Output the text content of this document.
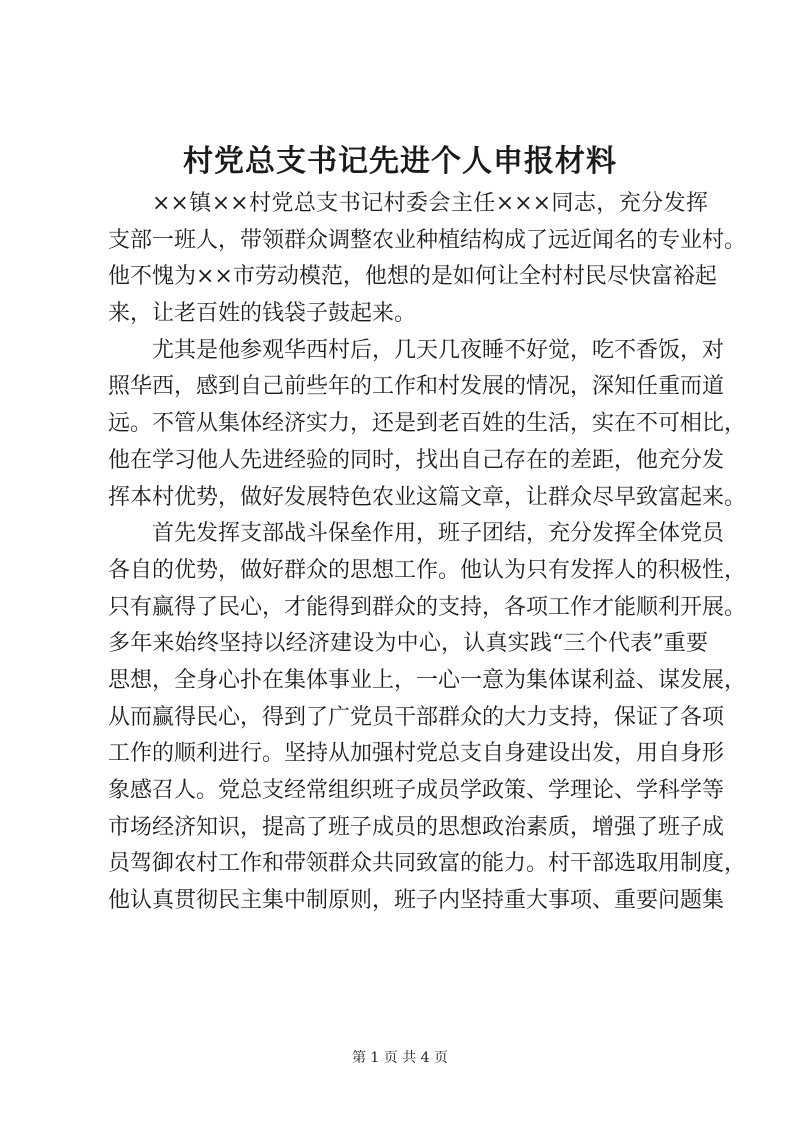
村党总支书记先进个人申报材料
××镇××村党总支书记村委会主任×××同志，充分发挥
支部一班人，带领群众调整农业种植结构成了远近闻名的专业村。
他不愧为××市劳动模范，他想的是如何让全村村民尽快富裕起
来，让老百姓的钱袋子鼓起来。
尤其是他参观华西村后，几天几夜睡不好觉，吃不香饭，对
照华西，感到自己前些年的工作和村发展的情况，深知任重而道
远。不管从集体经济实力，还是到老百姓的生活，实在不可相比，
他在学习他人先进经验的同时，找出自己存在的差距，他充分发
挥本村优势，做好发展特色农业这篇文章，让群众尽早致富起来。
首先发挥支部战斗保垒作用，班子团结，充分发挥全体党员
各自的优势，做好群众的思想工作。他认为只有发挥人的积极性，
只有赢得了民心，才能得到群众的支持，各项工作才能顺利开展。
多年来始终坚持以经济建设为中心，认真实践“三个代表”重要
思想，全身心扑在集体事业上，一心一意为集体谋利益、谋发展，
从而赢得民心，得到了广党员干部群众的大力支持，保证了各项
工作的顺利进行。坚持从加强村党总支自身建设出发，用自身形
象感召人。党总支经常组织班子成员学政策、学理论、学科学等
市场经济知识，提高了班子成员的思想政治素质，增强了班子成
员驾御农村工作和带领群众共同致富的能力。村干部选取用制度，
他认真贯彻民主集中制原则，班子内坚持重大事项、重要问题集
第 1 页 共 4 页
